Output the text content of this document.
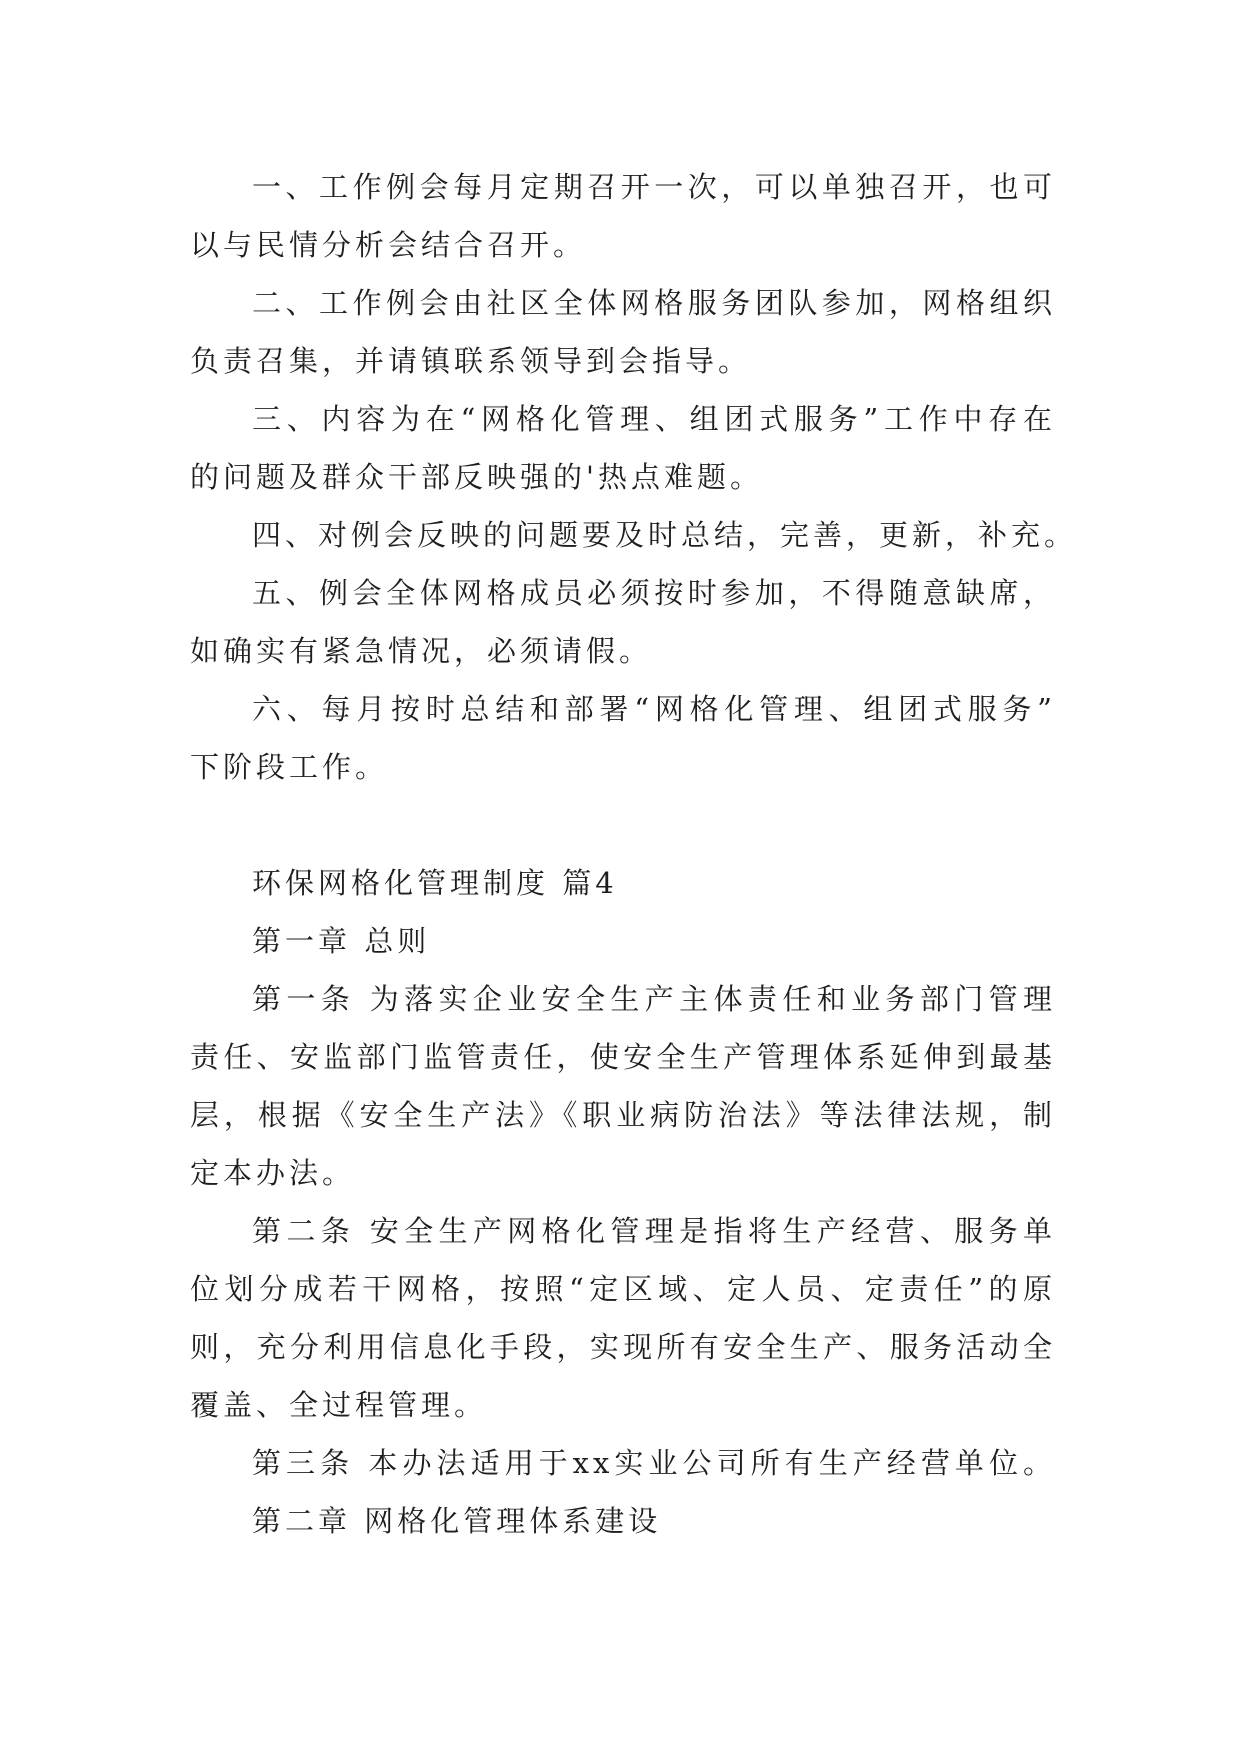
一、工作例会每月定期召开一次，可以单独召开，也可
以与民情分析会结合召开。
二、工作例会由社区全体网格服务团队参加，网格组织
负责召集，并请镇联系领导到会指导。
三、内容为在“网格化管理、组团式服务”工作中存在
的问题及群众干部反映强的'热点难题。
四、对例会反映的问题要及时总结，完善，更新，补充。
五、例会全体网格成员必须按时参加，不得随意缺席，
如确实有紧急情况，必须请假。
六、每月按时总结和部署“网格化管理、组团式服务”
下阶段工作。
环保网格化管理制度 篇4
第一章 总则
第一条 为落实企业安全生产主体责任和业务部门管理
责任、安监部门监管责任，使安全生产管理体系延伸到最基
层，根据《安全生产法》《职业病防治法》等法律法规，制
定本办法。
第二条 安全生产网格化管理是指将生产经营、服务单
位划分成若干网格，按照“定区域、定人员、定责任”的原
则，充分利用信息化手段，实现所有安全生产、服务活动全
覆盖、全过程管理。
第三条 本办法适用于xx实业公司所有生产经营单位。
第二章 网格化管理体系建设
